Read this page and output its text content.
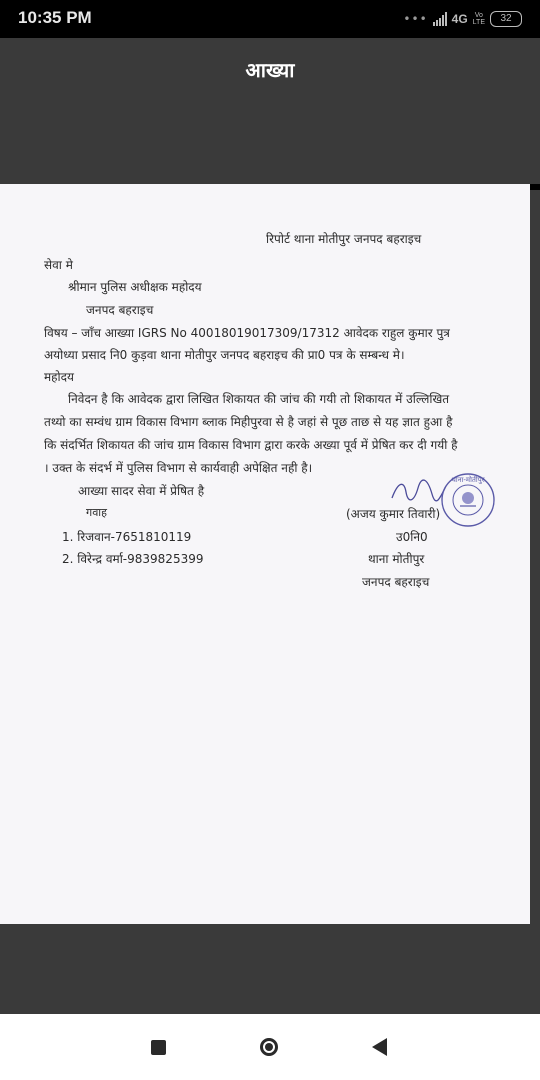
10:35 PM	••• 4G Vo
LTE	32
आख्या
रिपोर्ट थाना मोतीपुर जनपद बहराइच
सेवा मे
श्रीमान पुलिस अधीक्षक महोदय
जनपद बहराइच
विषय – जाँच आख्या IGRS No 40018019017309/17312 आवेदक राहुल कुमार पुत्र
अयोध्या प्रसाद नि0 कुड़वा थाना मोतीपुर जनपद बहराइच की प्रा0 पत्र के सम्बन्ध मे।
महोदय
निवेदन है कि आवेदक द्वारा लिखित शिकायत की जांच की गयी तो शिकायत में उल्लिखित
तथ्यो का सम्वंध ग्राम विकास विभाग ब्लाक मिहीपुरवा से है जहां से पूछ ताछ से यह ज्ञात हुआ है
कि संदर्भित शिकायत की जांच ग्राम विकास विभाग द्वारा करके अख्या पूर्व में प्रेषित कर दी गयी है
। उक्त के संदर्भ में पुलिस विभाग से कार्यवाही अपेक्षित नही है।
आख्या सादर सेवा में प्रेषित है
गवाह
1. रिजवान-7651810119
2. विरेन्द्र वर्मा-9839825399
(अजय कुमार तिवारी)
उ0नि0
थाना मोतीपुर
जनपद बहराइच
थाना-मोतीपुर
